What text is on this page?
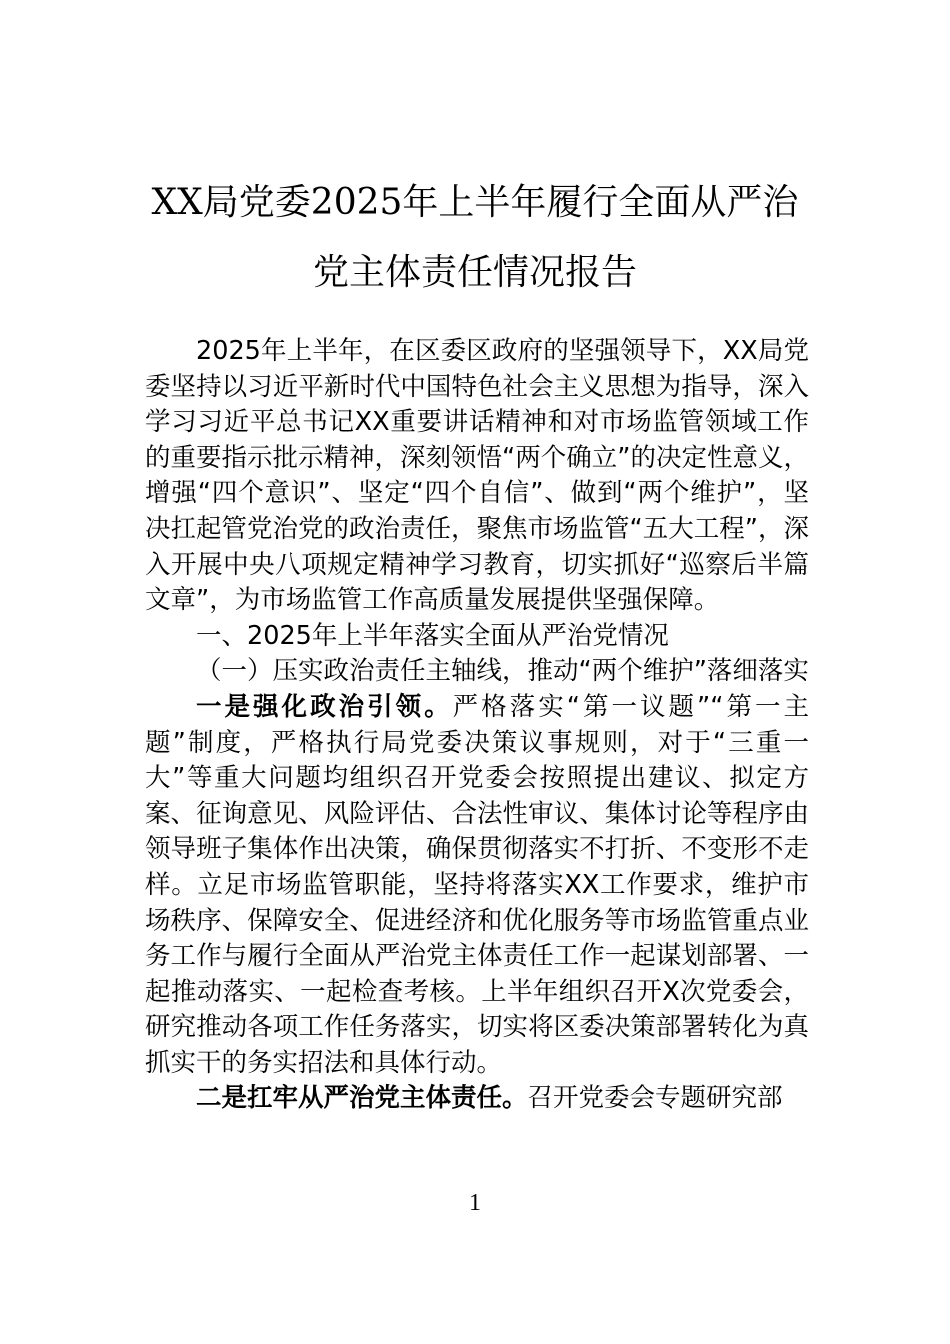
XX局党委2025年上半年履行全面从严治
党主体责任情况报告

2025年上半年，在区委区政府的坚强领导下，XX局党委坚持以习近平新时代中国特色社会主义思想为指导，深入学习习近平总书记XX重要讲话精神和对市场监管领域工作的重要指示批示精神，深刻领悟“两个确立”的决定性意义，增强“四个意识”、坚定“四个自信”、做到“两个维护”，坚决扛起管党治党的政治责任，聚焦市场监管“五大工程”，深入开展中央八项规定精神学习教育，切实抓好“巡察后半篇文章”，为市场监管工作高质量发展提供坚强保障。

一、2025年上半年落实全面从严治党情况

（一）压实政治责任主轴线，推动“两个维护”落细落实

一是强化政治引领。严格落实“第一议题”“第一主题”制度，严格执行局党委决策议事规则，对于“三重一大”等重大问题均组织召开党委会按照提出建议、拟定方案、征询意见、风险评估、合法性审议、集体讨论等程序由领导班子集体作出决策，确保贯彻落实不打折、不变形不走样。立足市场监管职能，坚持将落实XX工作要求，维护市场秩序、保障安全、促进经济和优化服务等市场监管重点业务工作与履行全面从严治党主体责任工作一起谋划部署、一起推动落实、一起检查考核。上半年组织召开X次党委会，研究推动各项工作任务落实，切实将区委决策部署转化为真抓实干的务实招法和具体行动。

二是扛牢从严治党主体责任。召开党委会专题研究部

1
